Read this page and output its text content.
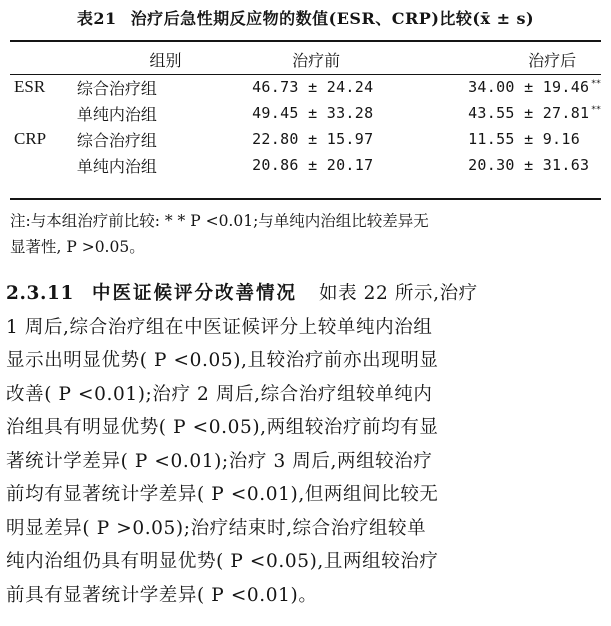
表21 治疗后急性期反应物的数值(ESR、CRP)比较(x̄ ± s)
	组别	治疗前	治疗后
ESR	综合治疗组	46.73 ± 24.24	34.00 ± 19.46 **
	单纯内治组	49.45 ± 33.28	43.55 ± 27.81 **
CRP	综合治疗组	22.80 ± 15.97	11.55 ± 9.16
	单纯内治组	20.86 ± 20.17	20.30 ± 31.63

注:与本组治疗前比较: * * P <0.01;与单纯内治组比较差异无

显著性, P >0.05。

2.3.11 中医证候评分改善情况 如表 22 所示,治疗

1 周后,综合治疗组在中医证候评分上较单纯内治组

显示出明显优势( P <0.05),且较治疗前亦出现明显

改善( P <0.01);治疗 2 周后,综合治疗组较单纯内

治组具有明显优势( P <0.05),两组较治疗前均有显

著统计学差异( P <0.01);治疗 3 周后,两组较治疗

前均有显著统计学差异( P <0.01),但两组间比较无

明显差异( P >0.05);治疗结束时,综合治疗组较单

纯内治组仍具有明显优势( P <0.05),且两组较治疗

前具有显著统计学差异( P <0.01)。
